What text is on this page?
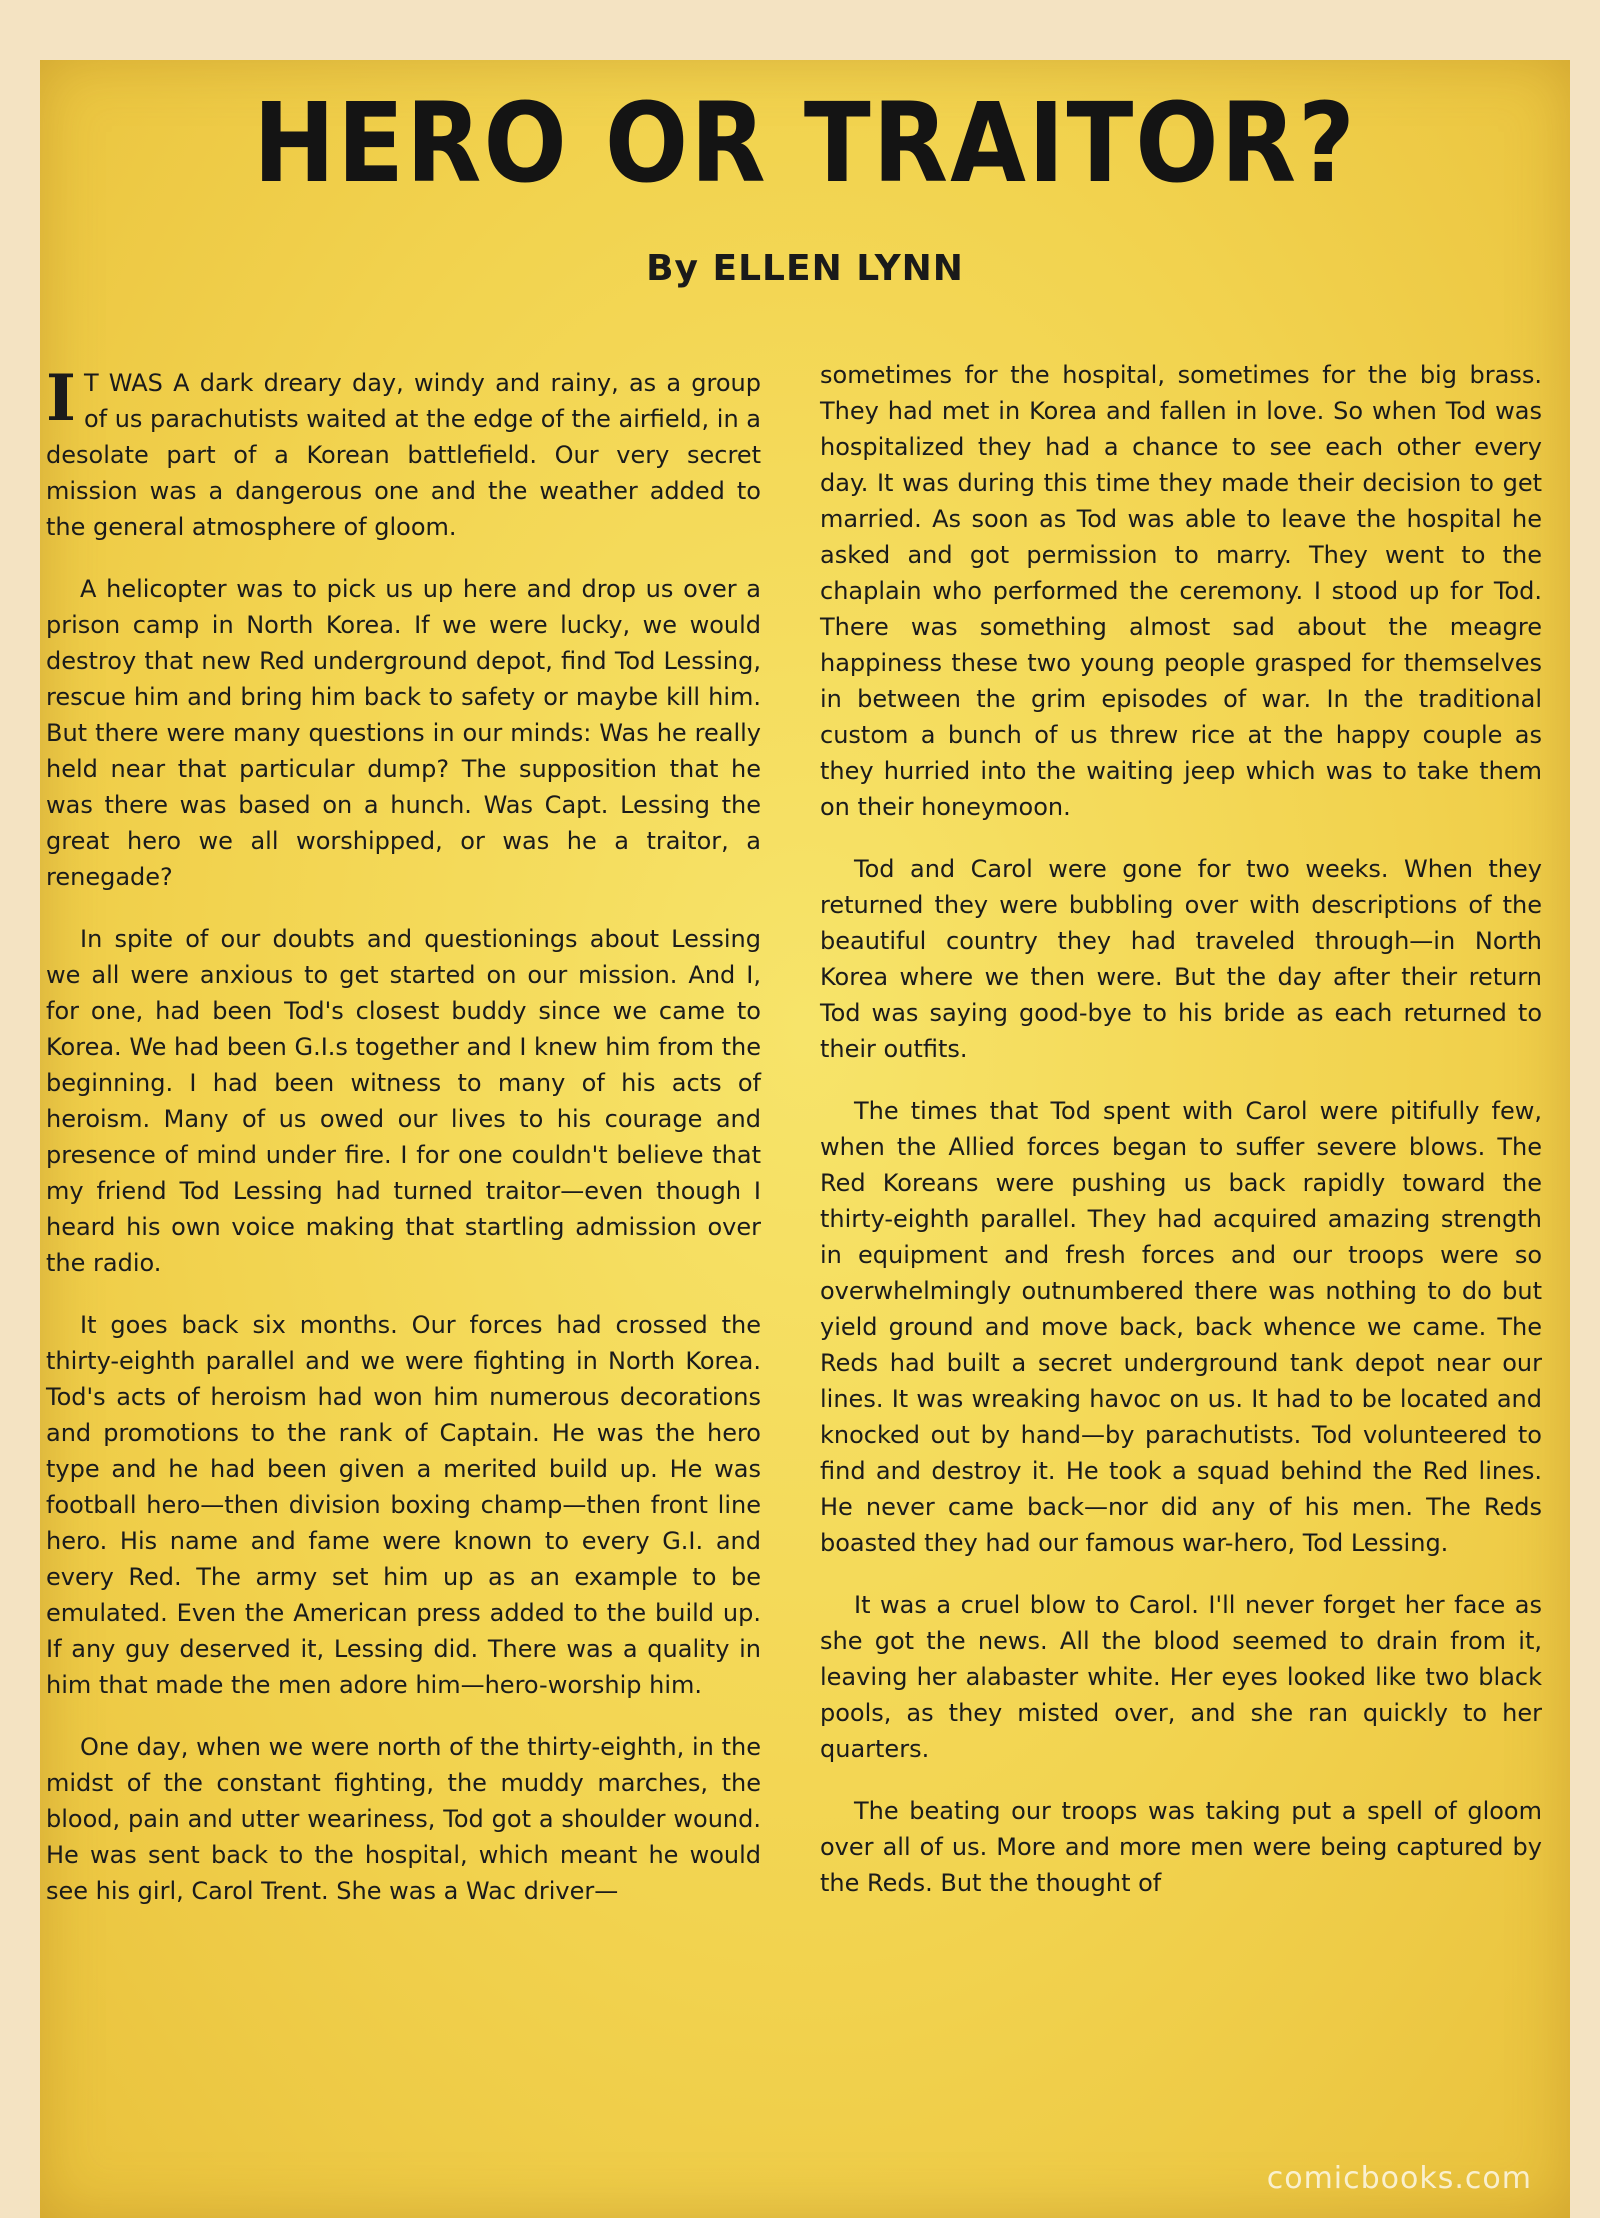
HERO OR TRAITOR?
By ELLEN LYNN

I T WAS A dark dreary day, windy and rainy, as a group of us parachutists waited at the edge of the airfield, in a desolate part of a Korean battlefield. Our very secret mission was a dangerous one and the weather added to the general atmosphere of gloom.

A helicopter was to pick us up here and drop us over a prison camp in North Korea. If we were lucky, we would destroy that new Red underground depot, find Tod Lessing, rescue him and bring him back to safety or maybe kill him. But there were many questions in our minds: Was he really held near that particular dump? The supposition that he was there was based on a hunch. Was Capt. Lessing the great hero we all worshipped, or was he a traitor, a renegade?

In spite of our doubts and questionings about Lessing we all were anxious to get started on our mission. And I, for one, had been Tod's closest buddy since we came to Korea. We had been G.I.s together and I knew him from the beginning. I had been witness to many of his acts of heroism. Many of us owed our lives to his courage and presence of mind under fire. I for one couldn't believe that my friend Tod Lessing had turned traitor—even though I heard his own voice making that startling admission over the radio.

It goes back six months. Our forces had crossed the thirty-eighth parallel and we were fighting in North Korea. Tod's acts of heroism had won him numerous decorations and promotions to the rank of Captain. He was the hero type and he had been given a merited build up. He was football hero—then division boxing champ—then front line hero. His name and fame were known to every G.I. and every Red. The army set him up as an example to be emulated. Even the American press added to the build up. If any guy deserved it, Lessing did. There was a quality in him that made the men adore him—hero-worship him.

One day, when we were north of the thirty-eighth, in the midst of the constant fighting, the muddy marches, the blood, pain and utter weariness, Tod got a shoulder wound. He was sent back to the hospital, which meant he would see his girl, Carol Trent. She was a Wac driver—

sometimes for the hospital, sometimes for the big brass. They had met in Korea and fallen in love. So when Tod was hospitalized they had a chance to see each other every day. It was during this time they made their decision to get married. As soon as Tod was able to leave the hospital he asked and got permission to marry. They went to the chaplain who performed the ceremony. I stood up for Tod. There was something almost sad about the meagre happiness these two young people grasped for themselves in between the grim episodes of war. In the traditional custom a bunch of us threw rice at the happy couple as they hurried into the waiting jeep which was to take them on their honeymoon.

Tod and Carol were gone for two weeks. When they returned they were bubbling over with descriptions of the beautiful country they had traveled through—in North Korea where we then were. But the day after their return Tod was saying good-bye to his bride as each returned to their outfits.

The times that Tod spent with Carol were pitifully few, when the Allied forces began to suffer severe blows. The Red Koreans were pushing us back rapidly toward the thirty-eighth parallel. They had acquired amazing strength in equipment and fresh forces and our troops were so overwhelmingly outnumbered there was nothing to do but yield ground and move back, back whence we came. The Reds had built a secret underground tank depot near our lines. It was wreaking havoc on us. It had to be located and knocked out by hand—by parachutists. Tod volunteered to find and destroy it. He took a squad behind the Red lines. He never came back—nor did any of his men. The Reds boasted they had our famous war-hero, Tod Lessing.

It was a cruel blow to Carol. I'll never forget her face as she got the news. All the blood seemed to drain from it, leaving her alabaster white. Her eyes looked like two black pools, as they misted over, and she ran quickly to her quarters.

The beating our troops was taking put a spell of gloom over all of us. More and more men were being captured by the Reds. But the thought of

comicbooks.com
